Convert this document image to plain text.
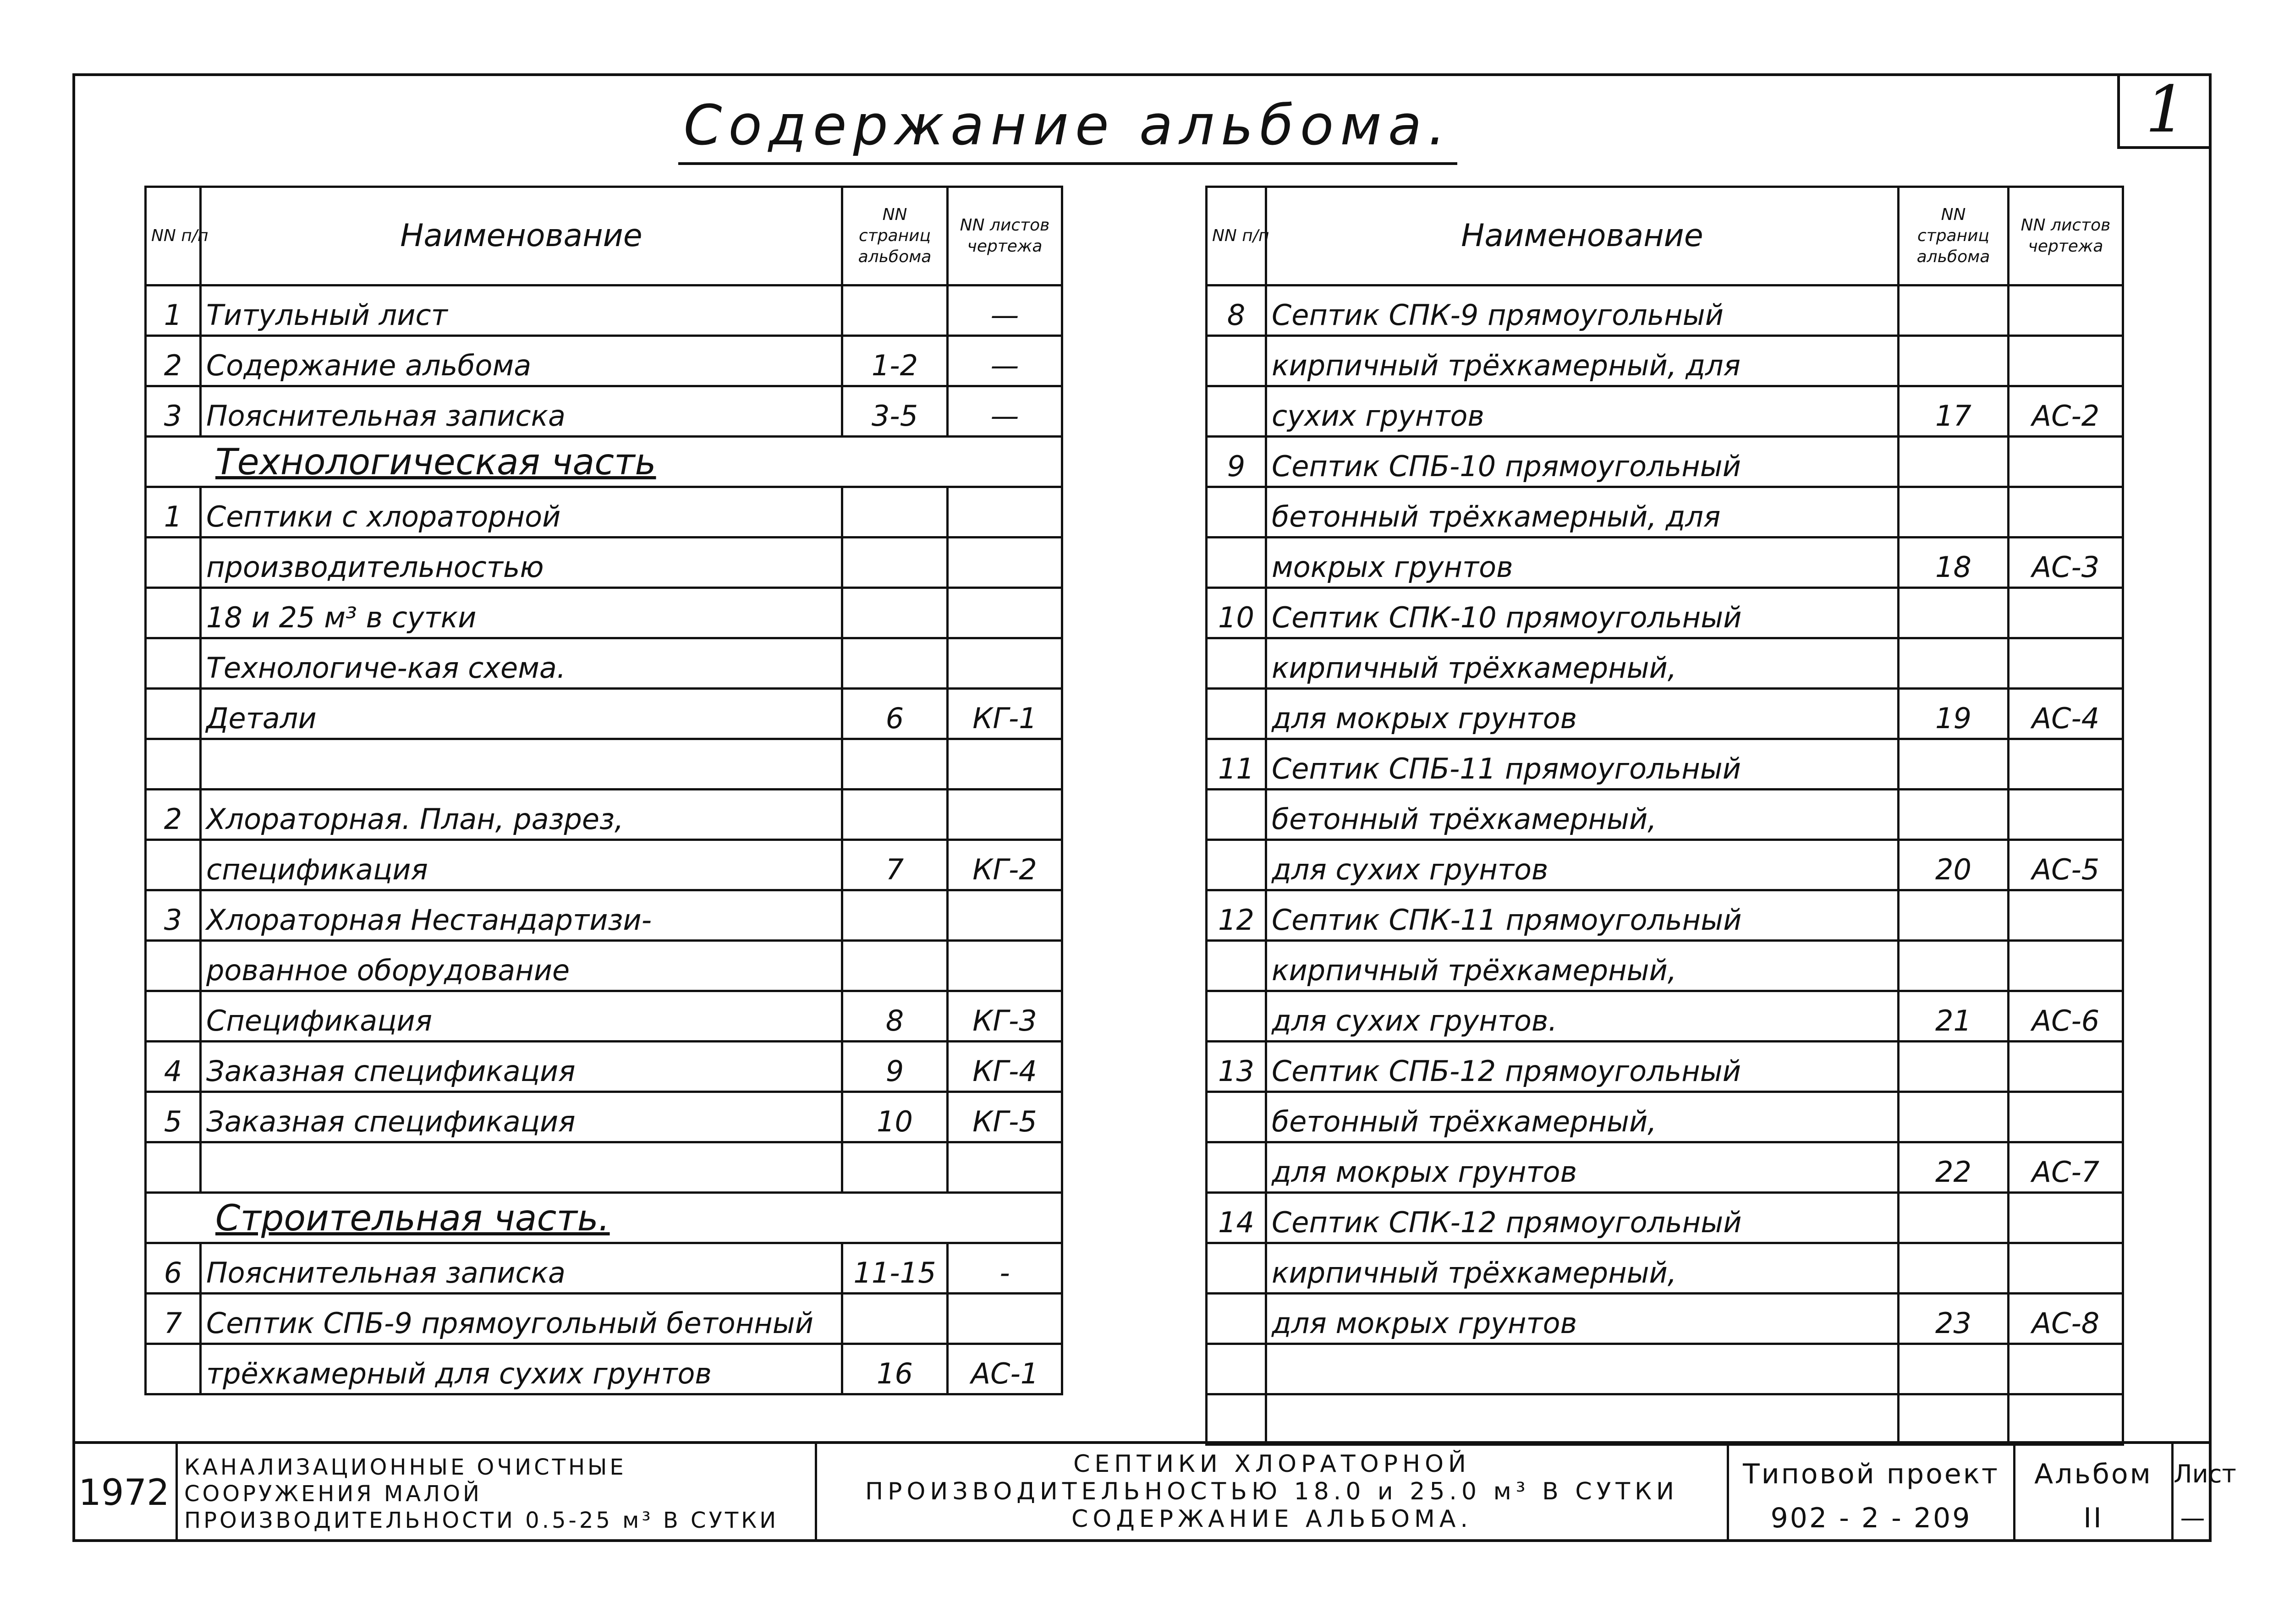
1
Содержание альбома.
NN п/п	Наименование	NN страниц альбома	NN листов чертежа
1	Титульный лист		—
2	Содержание альбома	1-2	—
3	Пояснительная записка	3-5	—
Технологическая часть			
1	Септики с хлораторной		
	производительностью		
	18 и 25 м³ в сутки		
	Технологиче-кая схема.		
	Детали	6	КГ-1

2	Хлораторная. План, разрез,		
	спецификация	7	КГ-2
3	Хлораторная Нестандартизи-		
	рованное оборудование		
	Спецификация	8	КГ-3
4	Заказная спецификация	9	КГ-4
5	Заказная спецификация	10	КГ-5

Строительная часть.			
6	Пояснительная записка	11-15	-
7	Септик СПБ-9 прямоугольный бетонный		
	трёхкамерный для сухих грунтов	16	АС-1
NN п/п	Наименование	NN страниц альбома	NN листов чертежа
8	Септик СПК-9 прямоугольный		
	кирпичный трёхкамерный, для		
	сухих грунтов	17	АС-2
9	Септик СПБ-10 прямоугольный		
	бетонный трёхкамерный, для		
	мокрых грунтов	18	АС-3
10	Септик СПК-10 прямоугольный		
	кирпичный трёхкамерный,		
	для мокрых грунтов	19	АС-4
11	Септик СПБ-11 прямоугольный		
	бетонный трёхкамерный,		
	для сухих грунтов	20	АС-5
12	Септик СПК-11 прямоугольный		
	кирпичный трёхкамерный,		
	для сухих грунтов.	21	АС-6
13	Септик СПБ-12 прямоугольный		
	бетонный трёхкамерный,		
	для мокрых грунтов	22	АС-7
14	Септик СПК-12 прямоугольный		
	кирпичный трёхкамерный,		
	для мокрых грунтов	23	АС-8

1972
КАНАЛИЗАЦИОННЫЕ ОЧИСТНЫЕ
СООРУЖЕНИЯ МАЛОЙ
ПРОИЗВОДИТЕЛЬНОСТИ 0.5-25 м³ В СУТКИ
СЕПТИКИ ХЛОРАТОРНОЙ
ПРОИЗВОДИТЕЛЬНОСТЬЮ 18.0 и 25.0 м³ В СУТКИ
СОДЕРЖАНИЕ АЛЬБОМА.
Типовой проект
902 - 2 - 209
Альбом
II
Лист
—
